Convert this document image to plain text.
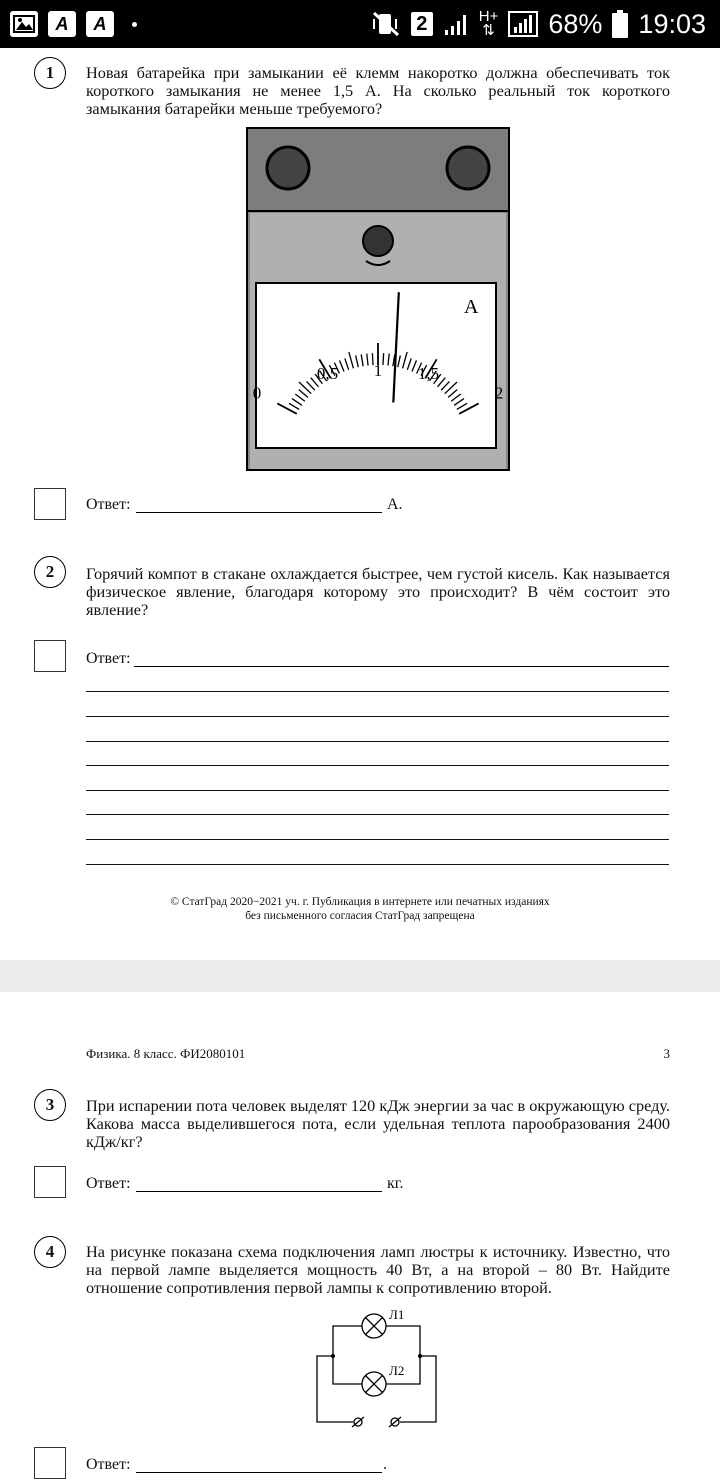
A	A	2	H+
⇅ 68% 19:03
1	Новая батарейка при замыкании её клемм накоротко должна обеспечивать ток короткого замыкания не менее 1,5 А. На сколько реальный ток короткого замыкания батарейки меньше требуемого?
А
0
0,5 1 1,5
2
Ответ:	А.
2	Горячий компот в стакане охлаждается быстрее, чем густой кисель. Как называется физическое явление, благодаря которому это происходит? В чём состоит это явление?
Ответ:
© СтатГрад 2020−2021 уч. г. Публикация в интернете или печатных изданиях
без письменного согласия СтатГрад запрещена
Физика. 8 класс. ФИ2080101	3
3	При испарении пота человек выделят 120 кДж энергии за час в окружающую среду. Какова масса выделившегося пота, если удельная теплота парообразования 2400 кДж/кг?
Ответ:	кг.
4	На рисунке показана схема подключения ламп люстры к источнику. Известно, что на первой лампе выделяется мощность 40 Вт, а на второй – 80 Вт. Найдите отношение сопротивления первой лампы к сопротивлению второй.
Л1
Л2
Ответ:	.
